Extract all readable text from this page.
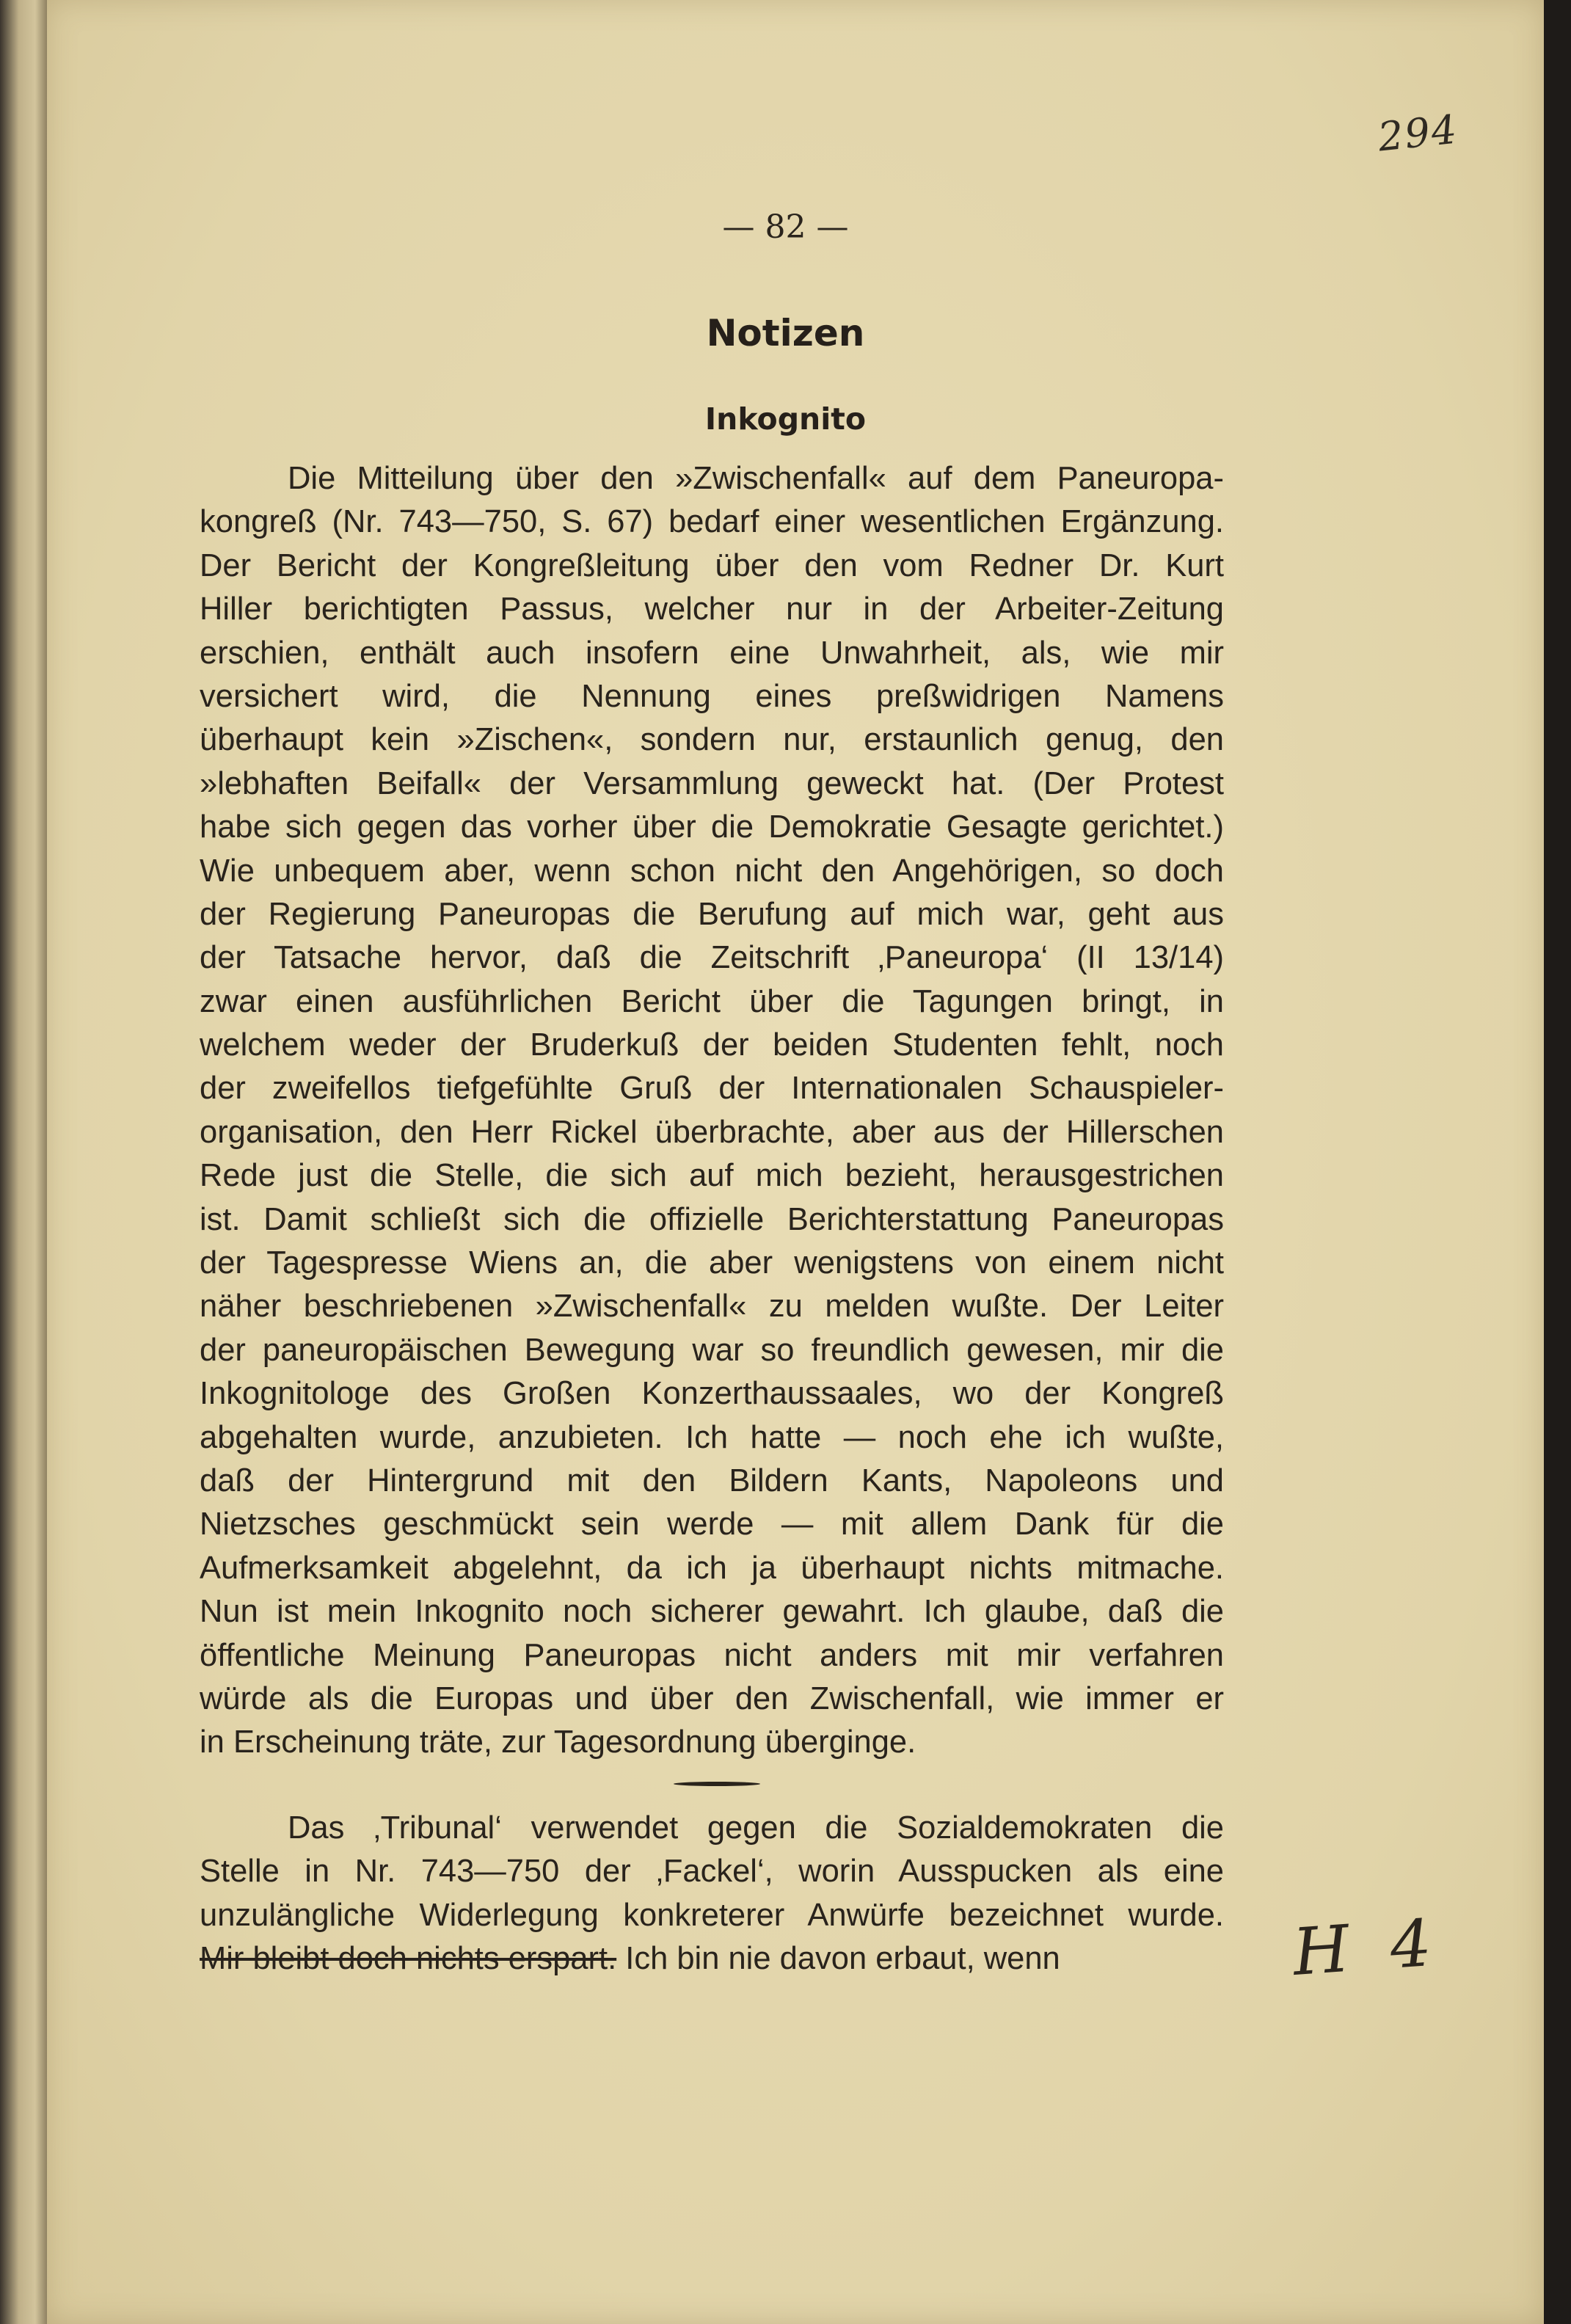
294
— 82 —
Notizen
Inkognito
Die Mitteilung über den »Zwischenfall« auf dem Paneuropa-
kongreß (Nr. 743—750, S. 67) bedarf einer wesentlichen Ergänzung.
Der Bericht der Kongreßleitung über den vom Redner Dr. Kurt
Hiller berichtigten Passus, welcher nur in der Arbeiter-Zeitung
erschien, enthält auch insofern eine Unwahrheit, als, wie mir
versichert wird, die Nennung eines preßwidrigen Namens
überhaupt kein »Zischen«, sondern nur, erstaunlich genug, den
»lebhaften Beifall« der Versammlung geweckt hat. (Der Protest
habe sich gegen das vorher über die Demokratie Gesagte gerichtet.)
Wie unbequem aber, wenn schon nicht den Angehörigen, so doch
der Regierung Paneuropas die Berufung auf mich war, geht aus
der Tatsache hervor, daß die Zeitschrift ‚Paneuropa‘ (II 13/14)
zwar einen ausführlichen Bericht über die Tagungen bringt, in
welchem weder der Bruderkuß der beiden Studenten fehlt, noch
der zweifellos tiefgefühlte Gruß der Internationalen Schauspieler-
organisation, den Herr Rickel überbrachte, aber aus der Hillerschen
Rede just die Stelle, die sich auf mich bezieht, herausgestrichen
ist. Damit schließt sich die offizielle Berichterstattung Paneuropas
der Tagespresse Wiens an, die aber wenigstens von einem nicht
näher beschriebenen »Zwischenfall« zu melden wußte. Der Leiter
der paneuropäischen Bewegung war so freundlich gewesen, mir die
Inkognitologe des Großen Konzerthaussaales, wo der Kongreß
abgehalten wurde, anzubieten. Ich hatte — noch ehe ich wußte,
daß der Hintergrund mit den Bildern Kants, Napoleons und
Nietzsches geschmückt sein werde — mit allem Dank für die
Aufmerksamkeit abgelehnt, da ich ja überhaupt nichts mitmache.
Nun ist mein Inkognito noch sicherer gewahrt. Ich glaube, daß die
öffentliche Meinung Paneuropas nicht anders mit mir verfahren
würde als die Europas und über den Zwischenfall, wie immer er
in Erscheinung träte, zur Tagesordnung überginge.
Das ‚Tribunal‘ verwendet gegen die Sozialdemokraten die
Stelle in Nr. 743—750 der ‚Fackel‘, worin Ausspucken als eine
unzulängliche Widerlegung konkreterer Anwürfe bezeichnet wurde.
Mir bleibt doch nichts erspart. Ich bin nie davon erbaut, wenn	H 4
